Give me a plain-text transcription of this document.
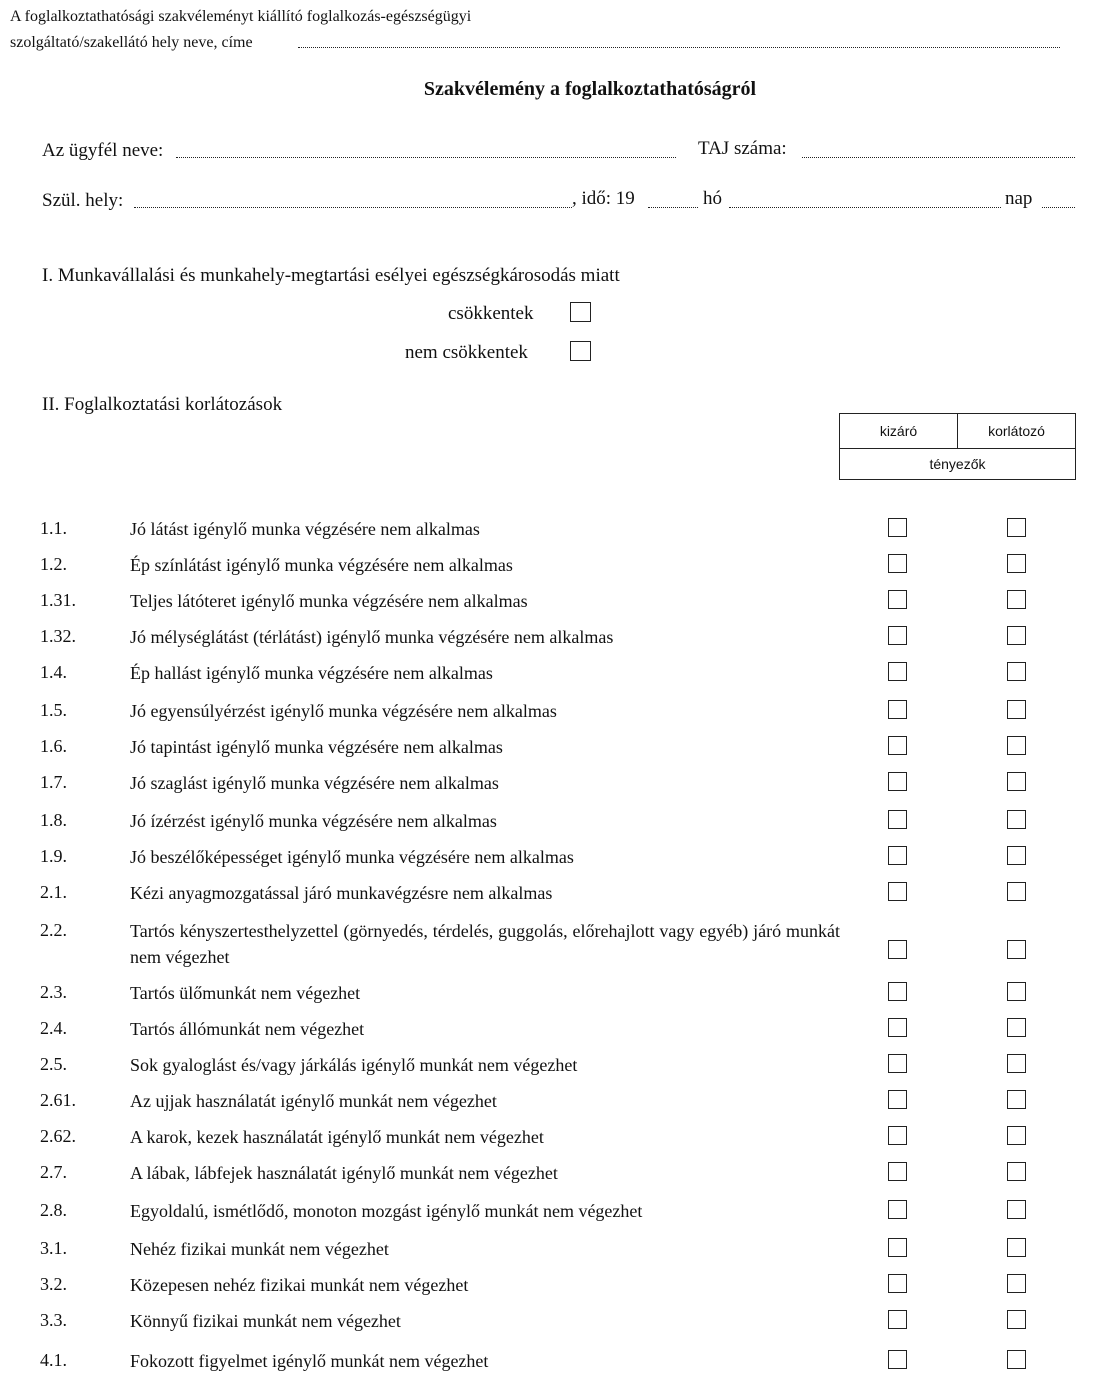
A foglalkoztathatósági szakvéleményt kiállító foglalkozás-egészségügyi
szolgáltató/szakellátó hely neve, címe
Szakvélemény a foglalkoztathatóságról
Az ügyfél neve:	TAJ száma:
Szül. hely:	, idő: 19	hó	nap
I. Munkavállalási és munkahely-megtartási esélyei egészségkárosodás miatt
csökkentek
nem csökkentek
II. Foglalkoztatási korlátozások
kizáró	korlátozó
tényezők
1.1.	Jó látást igénylő munka végzésére nem alkalmas
1.2.	Ép színlátást igénylő munka végzésére nem alkalmas
1.31.	Teljes látóteret igénylő munka végzésére nem alkalmas
1.32.	Jó mélységlátást (térlátást) igénylő munka végzésére nem alkalmas
1.4.	Ép hallást igénylő munka végzésére nem alkalmas
1.5.	Jó egyensúlyérzést igénylő munka végzésére nem alkalmas
1.6.	Jó tapintást igénylő munka végzésére nem alkalmas
1.7.	Jó szaglást igénylő munka végzésére nem alkalmas
1.8.	Jó ízérzést igénylő munka végzésére nem alkalmas
1.9.	Jó beszélőképességet igénylő munka végzésére nem alkalmas
2.1.	Kézi anyagmozgatással járó munkavégzésre nem alkalmas
2.2.	Tartós kényszertesthelyzettel (görnyedés, térdelés, guggolás, előrehajlott vagy egyéb) járó munkát nem végezhet
2.3.	Tartós ülőmunkát nem végezhet
2.4.	Tartós állómunkát nem végezhet
2.5.	Sok gyaloglást és/vagy járkálás igénylő munkát nem végezhet
2.61.	Az ujjak használatát igénylő munkát nem végezhet
2.62.	A karok, kezek használatát igénylő munkát nem végezhet
2.7.	A lábak, lábfejek használatát igénylő munkát nem végezhet
2.8.	Egyoldalú, ismétlődő, monoton mozgást igénylő munkát nem végezhet
3.1.	Nehéz fizikai munkát nem végezhet
3.2.	Közepesen nehéz fizikai munkát nem végezhet
3.3.	Könnyű fizikai munkát nem végezhet
4.1.	Fokozott figyelmet igénylő munkát nem végezhet
